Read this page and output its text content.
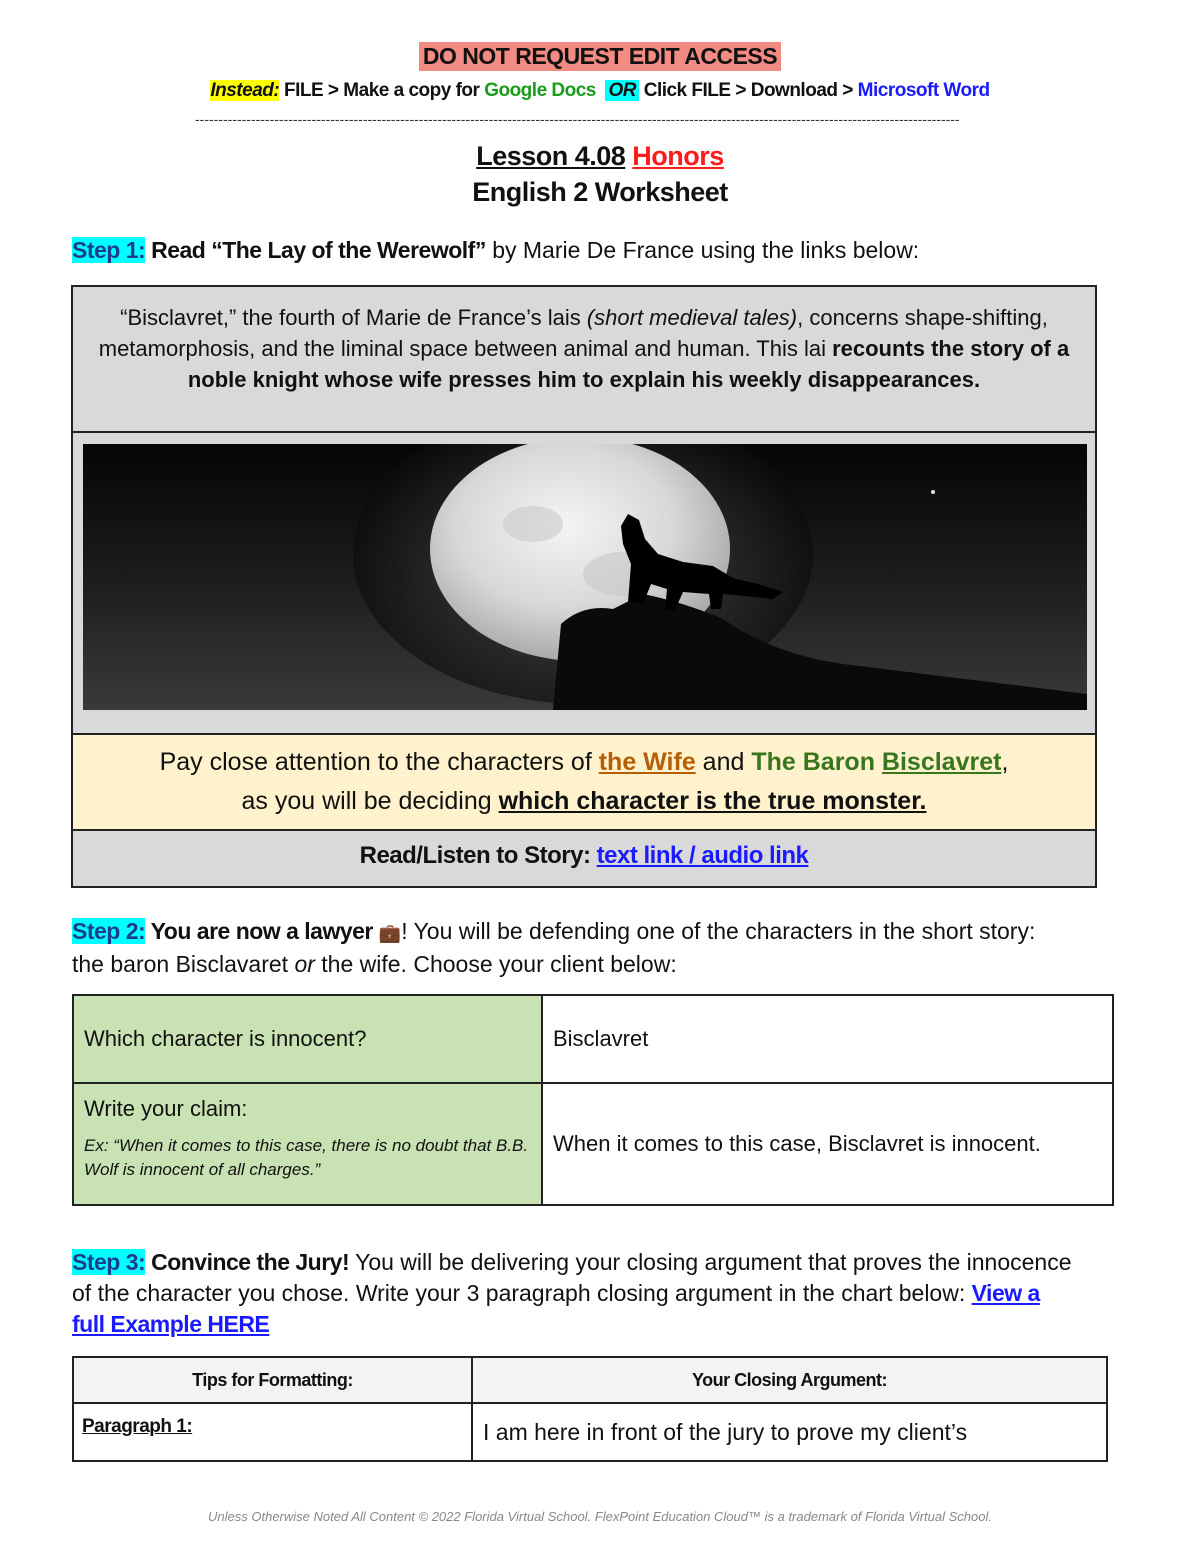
DO NOT REQUEST EDIT ACCESS
Instead: FILE > Make a copy for Google Docs OR Click FILE > Download > Microsoft Word
--------------------------------------------------------------------------------------------------------------------------------------------------------------------
Lesson 4.08 Honors
English 2 Worksheet
Step 1: Read “The Lay of the Werewolf” by Marie De France using the links below:
“Bisclavret,” the fourth of Marie de France’s lais (short medieval tales), concerns shape-shifting, metamorphosis, and the liminal space between animal and human. This lai recounts the story of a noble knight whose wife presses him to explain his weekly disappearances.
Pay close attention to the characters of the Wife and The Baron Bisclavret,
as you will be deciding which character is the true monster.
Read/Listen to Story: text link / audio link
Step 2: You are now a lawyer 💼! You will be defending one of the characters in the short story: the baron Bisclavaret or the wife. Choose your client below:
Which character is innocent?	Bisclavret

Write your claim:
Ex: “When it comes to this case, there is no doubt that B.B. Wolf is innocent of all charges.”	When it comes to this case, Bisclavret is innocent.
Step 3: Convince the Jury! You will be delivering your closing argument that proves the innocence of the character you chose. Write your 3 paragraph closing argument in the chart below: View a full Example HERE
Tips for Formatting:	Your Closing Argument:
Paragraph 1:	I am here in front of the jury to prove my client’s
Unless Otherwise Noted All Content © 2022 Florida Virtual School. FlexPoint Education Cloud™ is a trademark of Florida Virtual School.
